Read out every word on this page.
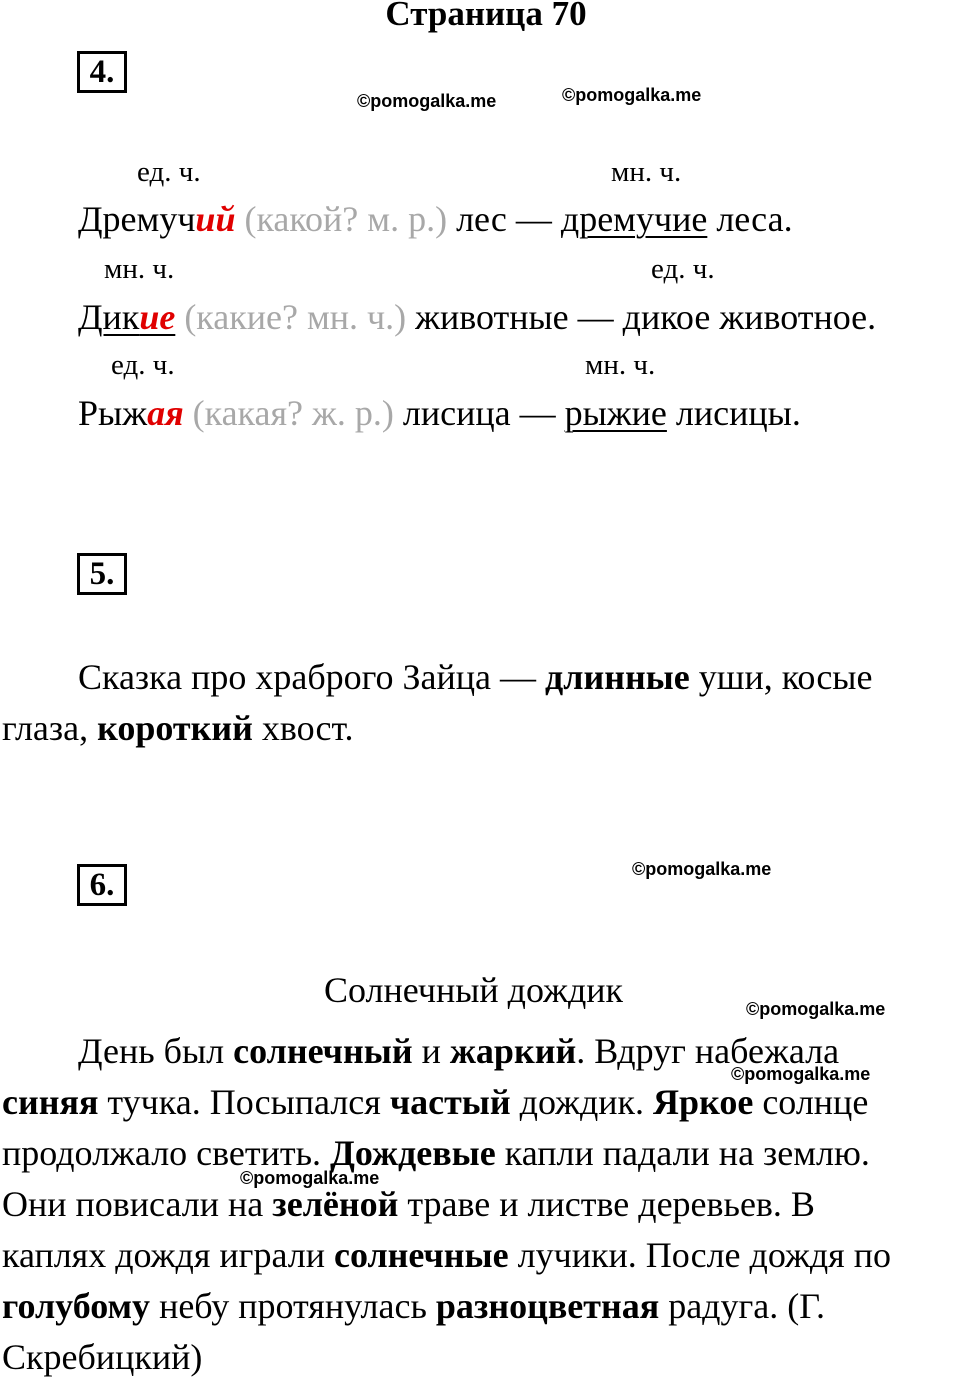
Страница 70
©pomogalka.me	©pomogalka.me
©pomogalka.me
©pomogalka.me
©pomogalka.me
©pomogalka.me
4.
ед. ч.	мн. ч.
Дремучий (какой? м. р.) лес — дремучие леса.
мн. ч.	ед. ч.
Дикие (какие? мн. ч.) животные — дикое животное.
ед. ч.	мн. ч.
Рыжая (какая? ж. р.) лисица — рыжие лисицы.
5.
Сказка про храброго Зайца — длинные уши, косые
глаза, короткий хвост.
6.
Солнечный дождик
День был солнечный и жаркий. Вдруг набежала
синяя тучка. Посыпался частый дождик. Яркое солнце
продолжало светить. Дождевые капли падали на землю.
Они повисали на зелёной траве и листве деревьев. В
каплях дождя играли солнечные лучики. После дождя по
голубому небу протянулась разноцветная радуга. (Г.
Скребицкий)
